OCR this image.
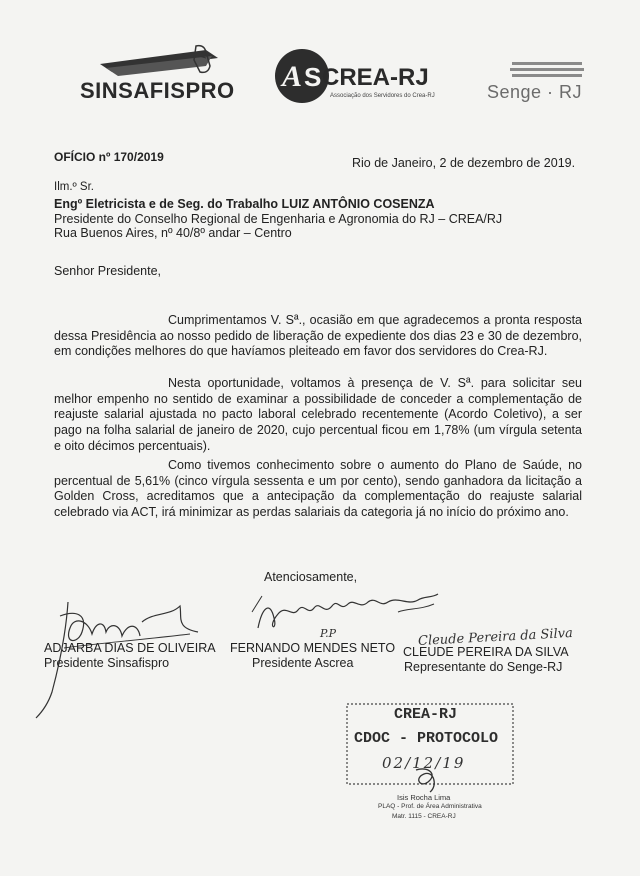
SINSAFISPRO A S CREA-RJ
Associação dos Servidores do Crea-RJ	Senge · RJ
OFÍCIO nº 170/2019	Rio de Janeiro, 2 de dezembro de 2019.
Ilm.º Sr.
Engº Eletricista e de Seg. do Trabalho LUIZ ANTÔNIO COSENZA
Presidente do Conselho Regional de Engenharia e Agronomia do RJ – CREA/RJ
Rua Buenos Aires, nº 40/8º andar – Centro
Senhor Presidente,
Cumprimentamos V. Sª., ocasião em que agradecemos a pronta resposta dessa Presidência ao nosso pedido de liberação de expediente dos dias 23 e 30 de dezembro, em condições melhores do que havíamos pleiteado em favor dos servidores do Crea-RJ.
Nesta oportunidade, voltamos à presença de V. Sª. para solicitar seu melhor empenho no sentido de examinar a possibilidade de conceder a complementação de reajuste salarial ajustada no pacto laboral celebrado recentemente (Acordo Coletivo), a ser pago na folha salarial de janeiro de 2020, cujo percentual ficou em 1,78% (um vírgula setenta e oito décimos percentuais).
Como tivemos conhecimento sobre o aumento do Plano de Saúde, no percentual de 5,61% (cinco vírgula sessenta e um por cento), sendo ganhadora da licitação a Golden Cross, acreditamos que a antecipação da complementação do reajuste salarial celebrado via ACT, irá minimizar as perdas salariais da categoria já no início do próximo ano.
Atenciosamente,
P.P	Cleude Pereira da Silva
ADJARBA DIAS DE OLIVEIRA
Presidente Sinsafispro
FERNANDO MENDES NETO
Presidente Ascrea
CLEUDE PEREIRA DA SILVA
Representante do Senge-RJ
CREA-RJ
CDOC - PROTOCOLO
02/12/19
Isis Rocha Lima
PLAQ - Prof. de Área Administrativa
Matr. 1115 - CREA-RJ
